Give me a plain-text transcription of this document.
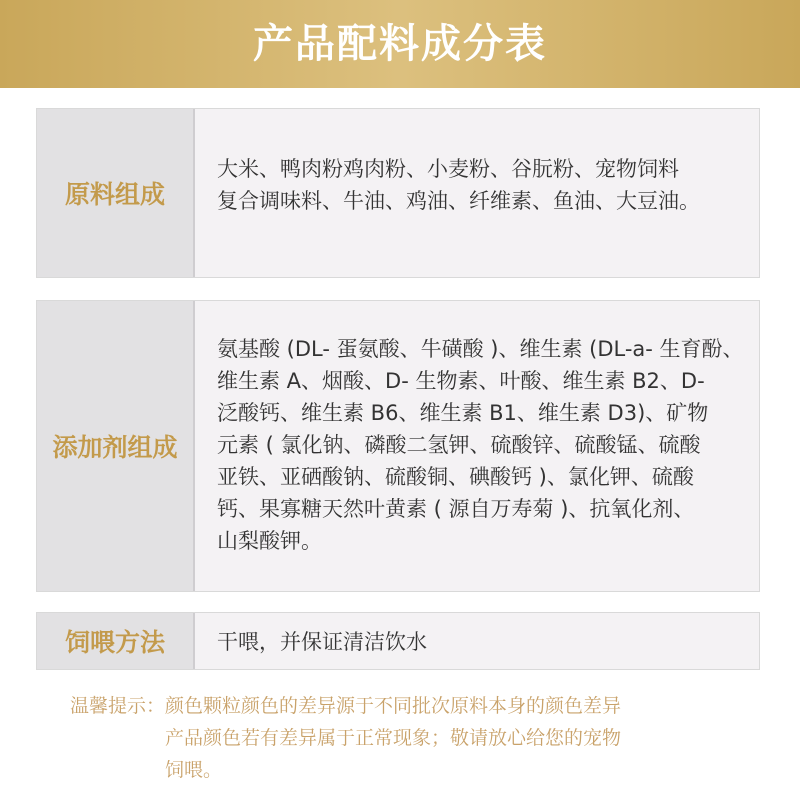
产品配料成分表
原料组成

大米、鸭肉粉鸡肉粉、小麦粉、谷朊粉、宠物饲料

复合调味料、牛油、鸡油、纤维素、鱼油、大豆油。

添加剂组成

氨基酸 (DL- 蛋氨酸、牛磺酸 )、维生素 (DL-a- 生育酚、

维生素 A、烟酸、D- 生物素、叶酸、维生素 B2、D-

泛酸钙、维生素 B6、维生素 B1、维生素 D3)、矿物

元素 ( 氯化钠、磷酸二氢钾、硫酸锌、硫酸锰、硫酸

亚铁、亚硒酸钠、硫酸铜、碘酸钙 )、氯化钾、硫酸

钙、果寡糖天然叶黄素 ( 源自万寿菊 )、抗氧化剂、

山梨酸钾。

饲喂方法	干喂，并保证清洁饮水

温馨提示：颜色颗粒颜色的差异源于不同批次原料本身的颜色差异

　　　　　产品颜色若有差异属于正常现象；敬请放心给您的宠物

　　　　　饲喂。
